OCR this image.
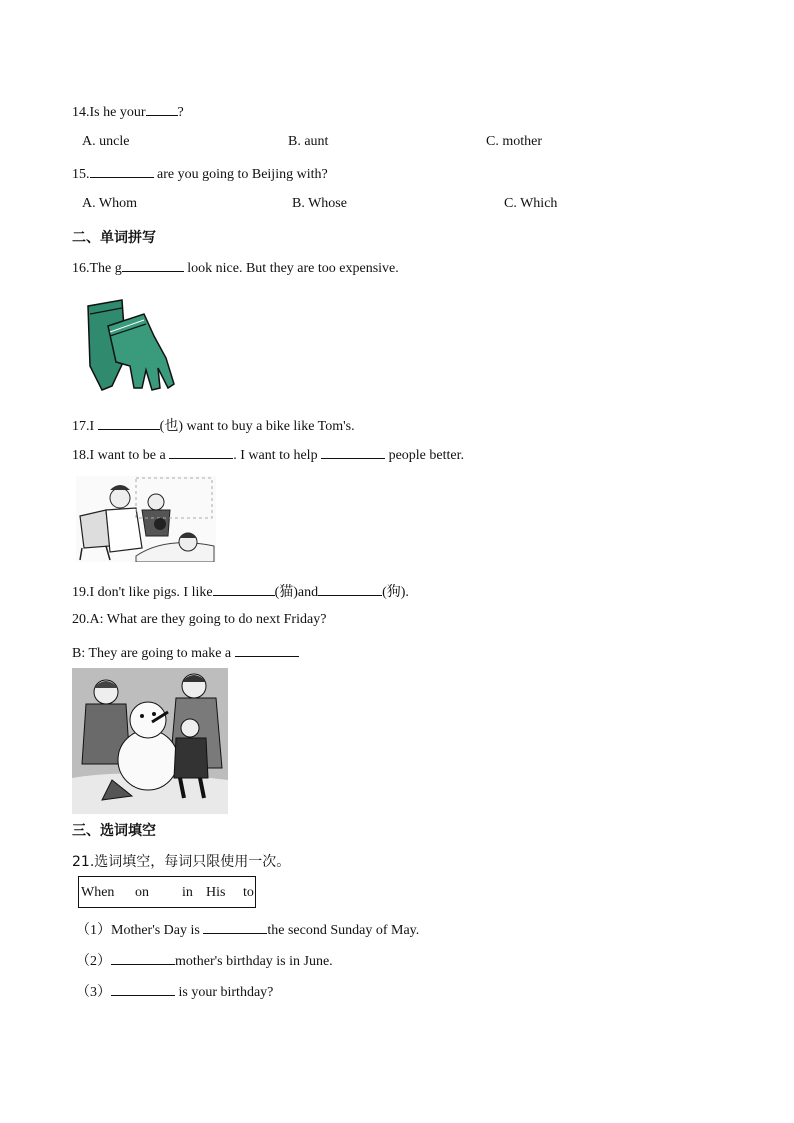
14.Is he your ?
A. uncle	B. aunt	C. mother
15.	are you going to Beijing with?
A. Whom	B. Whose	C. Which
二、单词拼写
16.The g	look nice. But they are too expensive.
17.I	(也) want to buy a bike like Tom's.
18.I want to be a	. I want to help	people better.
19.I don't like pigs. I like	(猫)and	(狗).
20.A: What are they going to do next Friday?
B: They are going to make a
三、选词填空
21.选词填空，每词只限使用一次。
When on in His to
（1）Mother's Day is	the second Sunday of May.
（2）	mother's birthday is in June.
（3）	is your birthday?
